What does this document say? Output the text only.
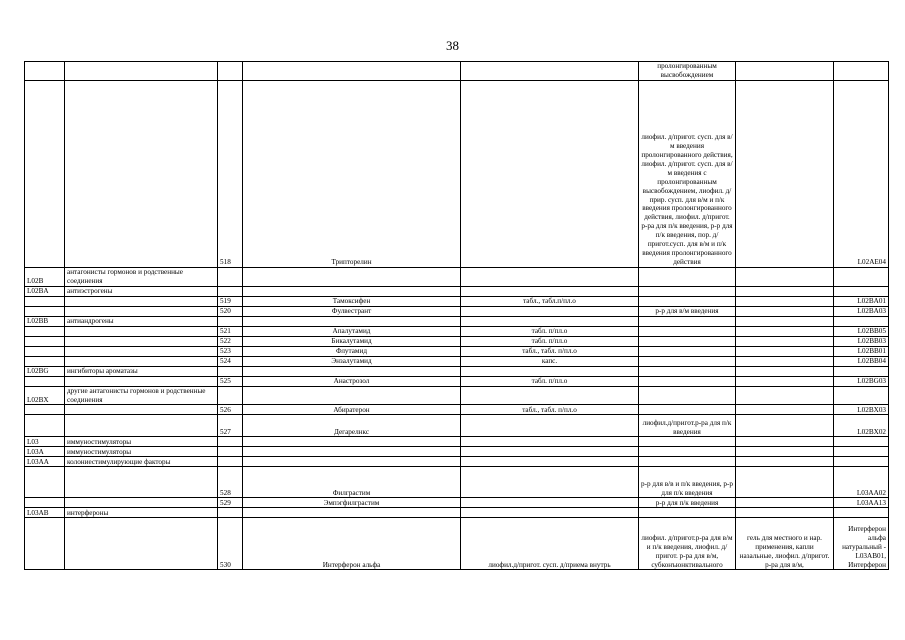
38
					пролонгированным высвобождением		
		518	Трипторелин		лиофил. д/пригот. сусп. для в/м введения пролонгированного действия, лиофил. д/пригот. сусп. для в/м введения с пролонгированным высвобождением, лиофил. д/прир. сусп. для в/м и п/к введения пролонгированного действия, лиофил. д/пригот. р-ра для п/к введения, р-р для п/к введения, пор. д/пригот.сусп. для в/м и п/к введения пролонгированного действия		L02AE04
L02B	антагонисты гормонов и родственные соединения						
L02BA	антиэстрогены						
		519	Тамоксифен	табл., табл.п/пл.о			L02BA01
		520	Фулвестрант		р-р для в/м введения		L02BA03
L02BB	антиандрогены						
		521	Апалутамид	табл. п/пл.о			L02BB05
		522	Бикалутамид	табл. п/пл.о			L02BB03
		523	Флутамид	табл., табл. п/пл.о			L02BB01
		524	Энзалутамид	капс.			L02BB04
L02BG	ингибиторы ароматазы						
		525	Анастрозол	табл. п/пл.о			L02BG03
L02BX	другие антагонисты гормонов и родственные соединения						
		526	Абиратерон	табл., табл. п/пл.о			L02BX03
		527	Дегарелнкс		лиофил.д/пригот.р-ра для п/к введения		L02BX02
L03	иммуностимуляторы						
L03A	иммуностимуляторы						
L03AA	колониестимулирующие факторы						
		528	Филграстим		р-р для в/в и п/к введения, р-р для п/к введения		L03AA02
		529	Эмпэгфилграстим		р-р для п/к введения		L03AA13
L03AB	интерфероны						
		530	Интерферон альфа	лиофил.д/пригот. сусп. д/приема внутрь	лиофил. д/пригот.р-ра для в/м и п/к введения, лиофил. д/пригот. р-ра для в/м, субконъюнктивального	гель для местного и нар. применения, капли назальные, лиофил. д/пригот. р-ра для в/м,	Интерферон альфа натуральный - L03AB01, Интерферон
